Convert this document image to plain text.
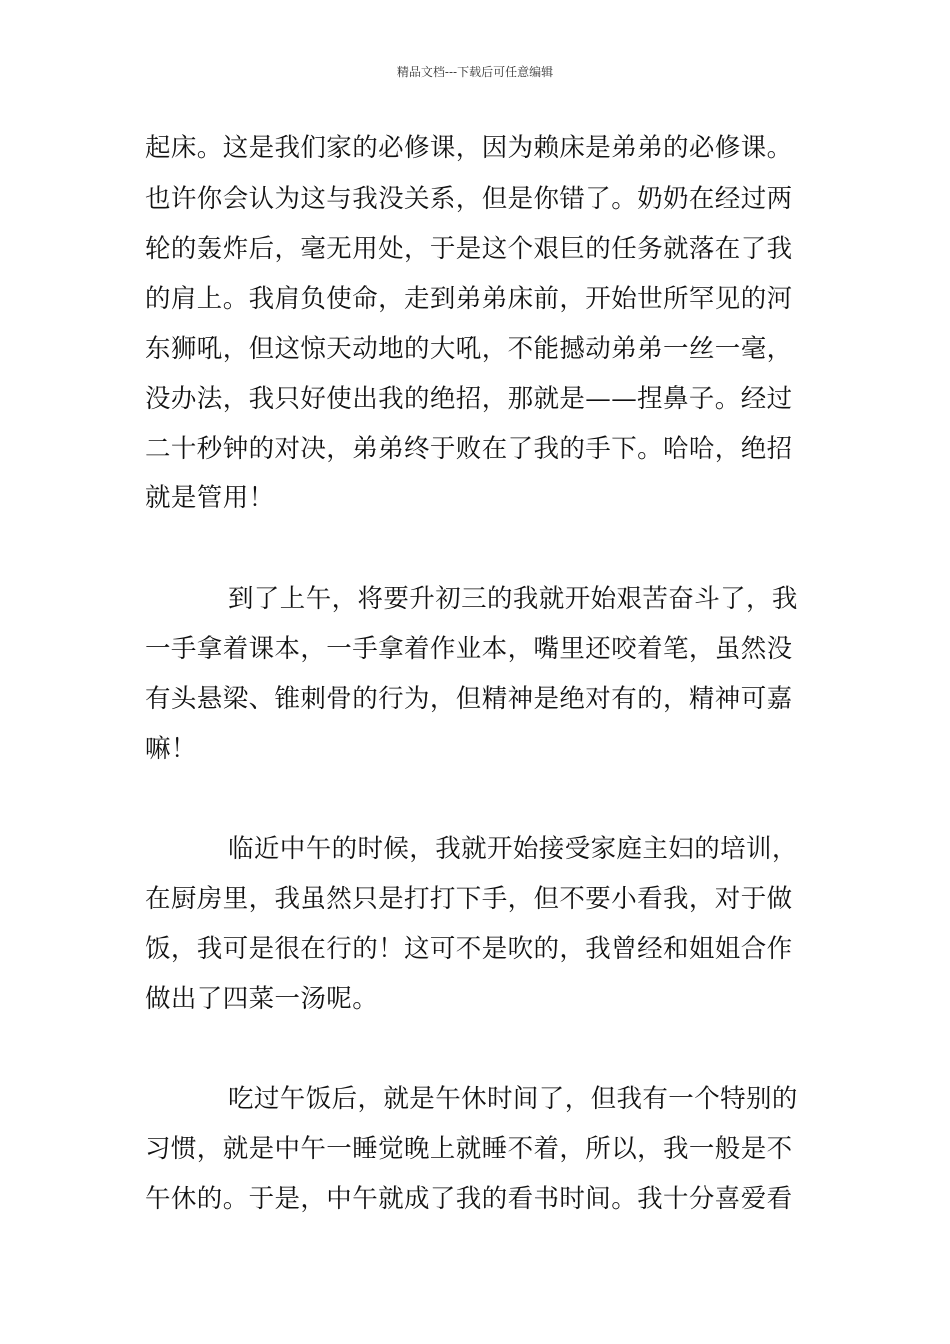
精品文档---下载后可任意编辑
起床。这是我们家的必修课，因为赖床是弟弟的必修课。
也许你会认为这与我没关系，但是你错了。奶奶在经过两
轮的轰炸后，毫无用处，于是这个艰巨的任务就落在了我
的肩上。我肩负使命，走到弟弟床前，开始世所罕见的河
东狮吼，但这惊天动地的大吼，不能撼动弟弟一丝一毫，
没办法，我只好使出我的绝招，那就是——捏鼻子。经过
二十秒钟的对决，弟弟终于败在了我的手下。哈哈，绝招
就是管用！
到了上午，将要升初三的我就开始艰苦奋斗了，我
一手拿着课本，一手拿着作业本，嘴里还咬着笔，虽然没
有头悬梁、锥刺骨的行为，但精神是绝对有的，精神可嘉
嘛！
临近中午的时候，我就开始接受家庭主妇的培训，
在厨房里，我虽然只是打打下手，但不要小看我，对于做
饭，我可是很在行的！这可不是吹的，我曾经和姐姐合作
做出了四菜一汤呢。
吃过午饭后，就是午休时间了，但我有一个特别的
习惯，就是中午一睡觉晚上就睡不着，所以，我一般是不
午休的。于是，中午就成了我的看书时间。我十分喜爱看
